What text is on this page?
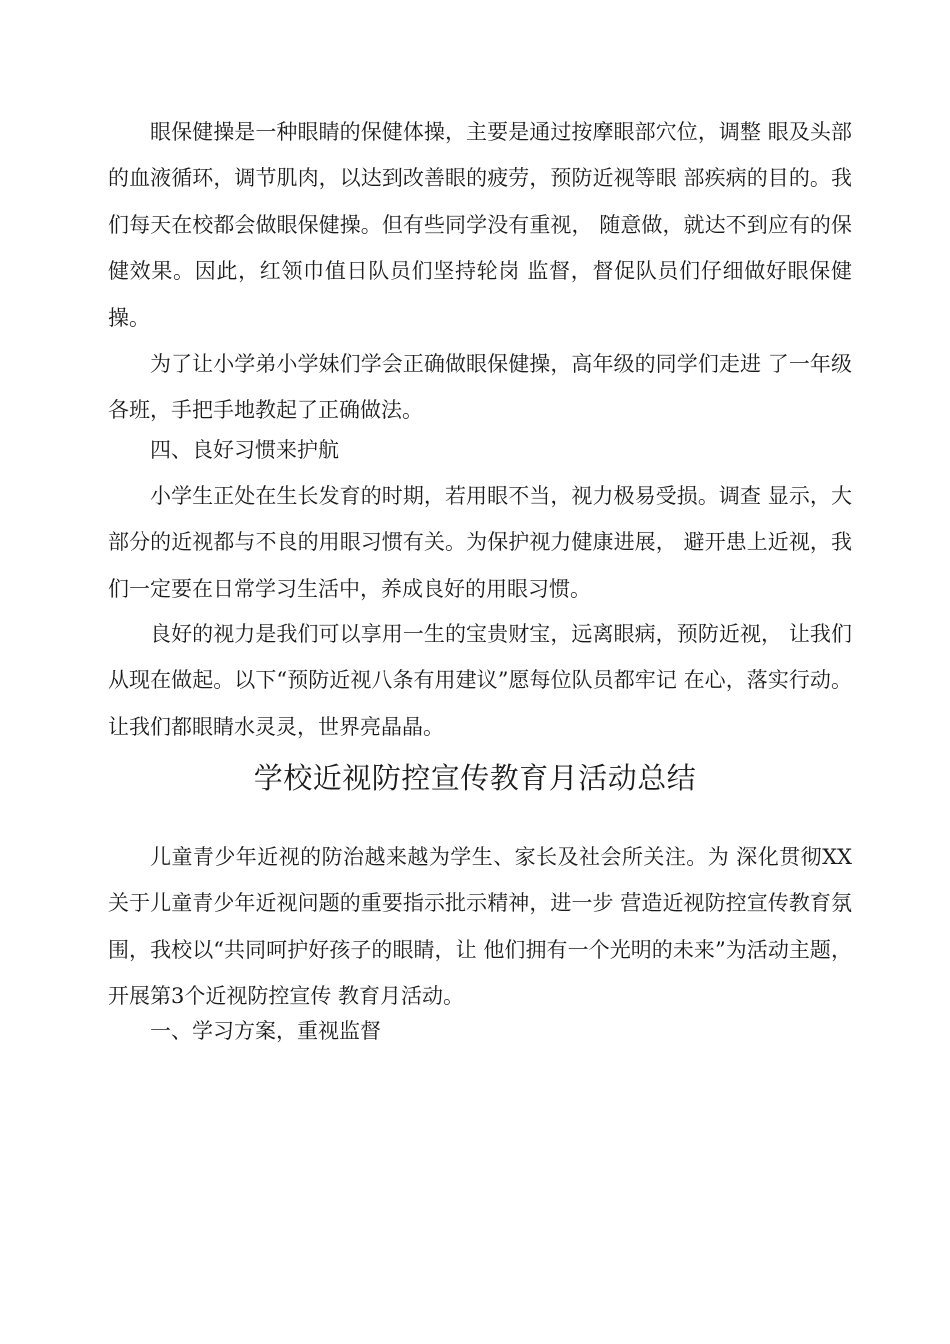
眼保健操是一种眼睛的保健体操，主要是通过按摩眼部穴位，调整 眼及头部的血液循环，调节肌肉，以达到改善眼的疲劳，预防近视等眼 部疾病的目的。我们每天在校都会做眼保健操。但有些同学没有重视， 随意做，就达不到应有的保健效果。因此，红领巾值日队员们坚持轮岗 监督，督促队员们仔细做好眼保健操。

为了让小学弟小学妹们学会正确做眼保健操，高年级的同学们走进 了一年级各班，手把手地教起了正确做法。

四、良好习惯来护航

小学生正处在生长发育的时期，若用眼不当，视力极易受损。调查 显示，大部分的近视都与不良的用眼习惯有关。为保护视力健康进展， 避开患上近视，我们一定要在日常学习生活中，养成良好的用眼习惯。

良好的视力是我们可以享用一生的宝贵财宝，远离眼病，预防近视， 让我们从现在做起。以下“预防近视八条有用建议”愿每位队员都牢记 在心，落实行动。让我们都眼睛水灵灵，世界亮晶晶。

学校近视防控宣传教育月活动总结

儿童青少年近视的防治越来越为学生、家长及社会所关注。为 深化贯彻XX关于儿童青少年近视问题的重要指示批示精神，进一步 营造近视防控宣传教育氛围，我校以“共同呵护好孩子的眼睛，让 他们拥有一个光明的未来”为活动主题，开展第3个近视防控宣传 教育月活动。

一、学习方案，重视监督
